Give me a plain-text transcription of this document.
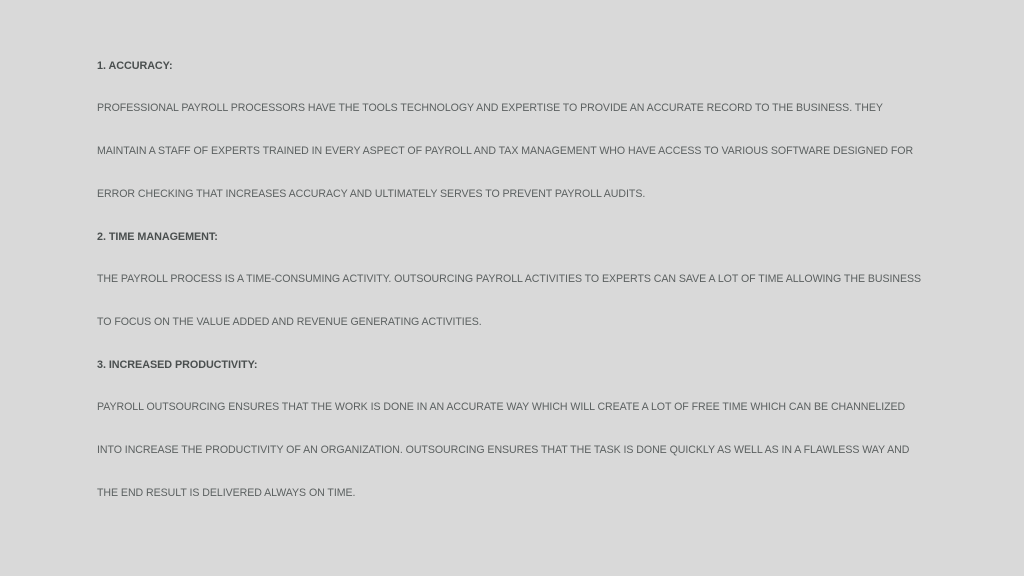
1. ACCURACY:
PROFESSIONAL PAYROLL PROCESSORS HAVE THE TOOLS TECHNOLOGY AND EXPERTISE TO PROVIDE AN ACCURATE RECORD TO THE BUSINESS. THEY
MAINTAIN A STAFF OF EXPERTS TRAINED IN EVERY ASPECT OF PAYROLL AND TAX MANAGEMENT WHO HAVE ACCESS TO VARIOUS SOFTWARE DESIGNED FOR
ERROR CHECKING THAT INCREASES ACCURACY AND ULTIMATELY SERVES TO PREVENT PAYROLL AUDITS.
2. TIME MANAGEMENT:
THE PAYROLL PROCESS IS A TIME-CONSUMING ACTIVITY. OUTSOURCING PAYROLL ACTIVITIES TO EXPERTS CAN SAVE A LOT OF TIME ALLOWING THE BUSINESS
TO FOCUS ON THE VALUE ADDED AND REVENUE GENERATING ACTIVITIES.
3. INCREASED PRODUCTIVITY:
PAYROLL OUTSOURCING ENSURES THAT THE WORK IS DONE IN AN ACCURATE WAY WHICH WILL CREATE A LOT OF FREE TIME WHICH CAN BE CHANNELIZED
INTO INCREASE THE PRODUCTIVITY OF AN ORGANIZATION. OUTSOURCING ENSURES THAT THE TASK IS DONE QUICKLY AS WELL AS IN A FLAWLESS WAY AND
THE END RESULT IS DELIVERED ALWAYS ON TIME.
